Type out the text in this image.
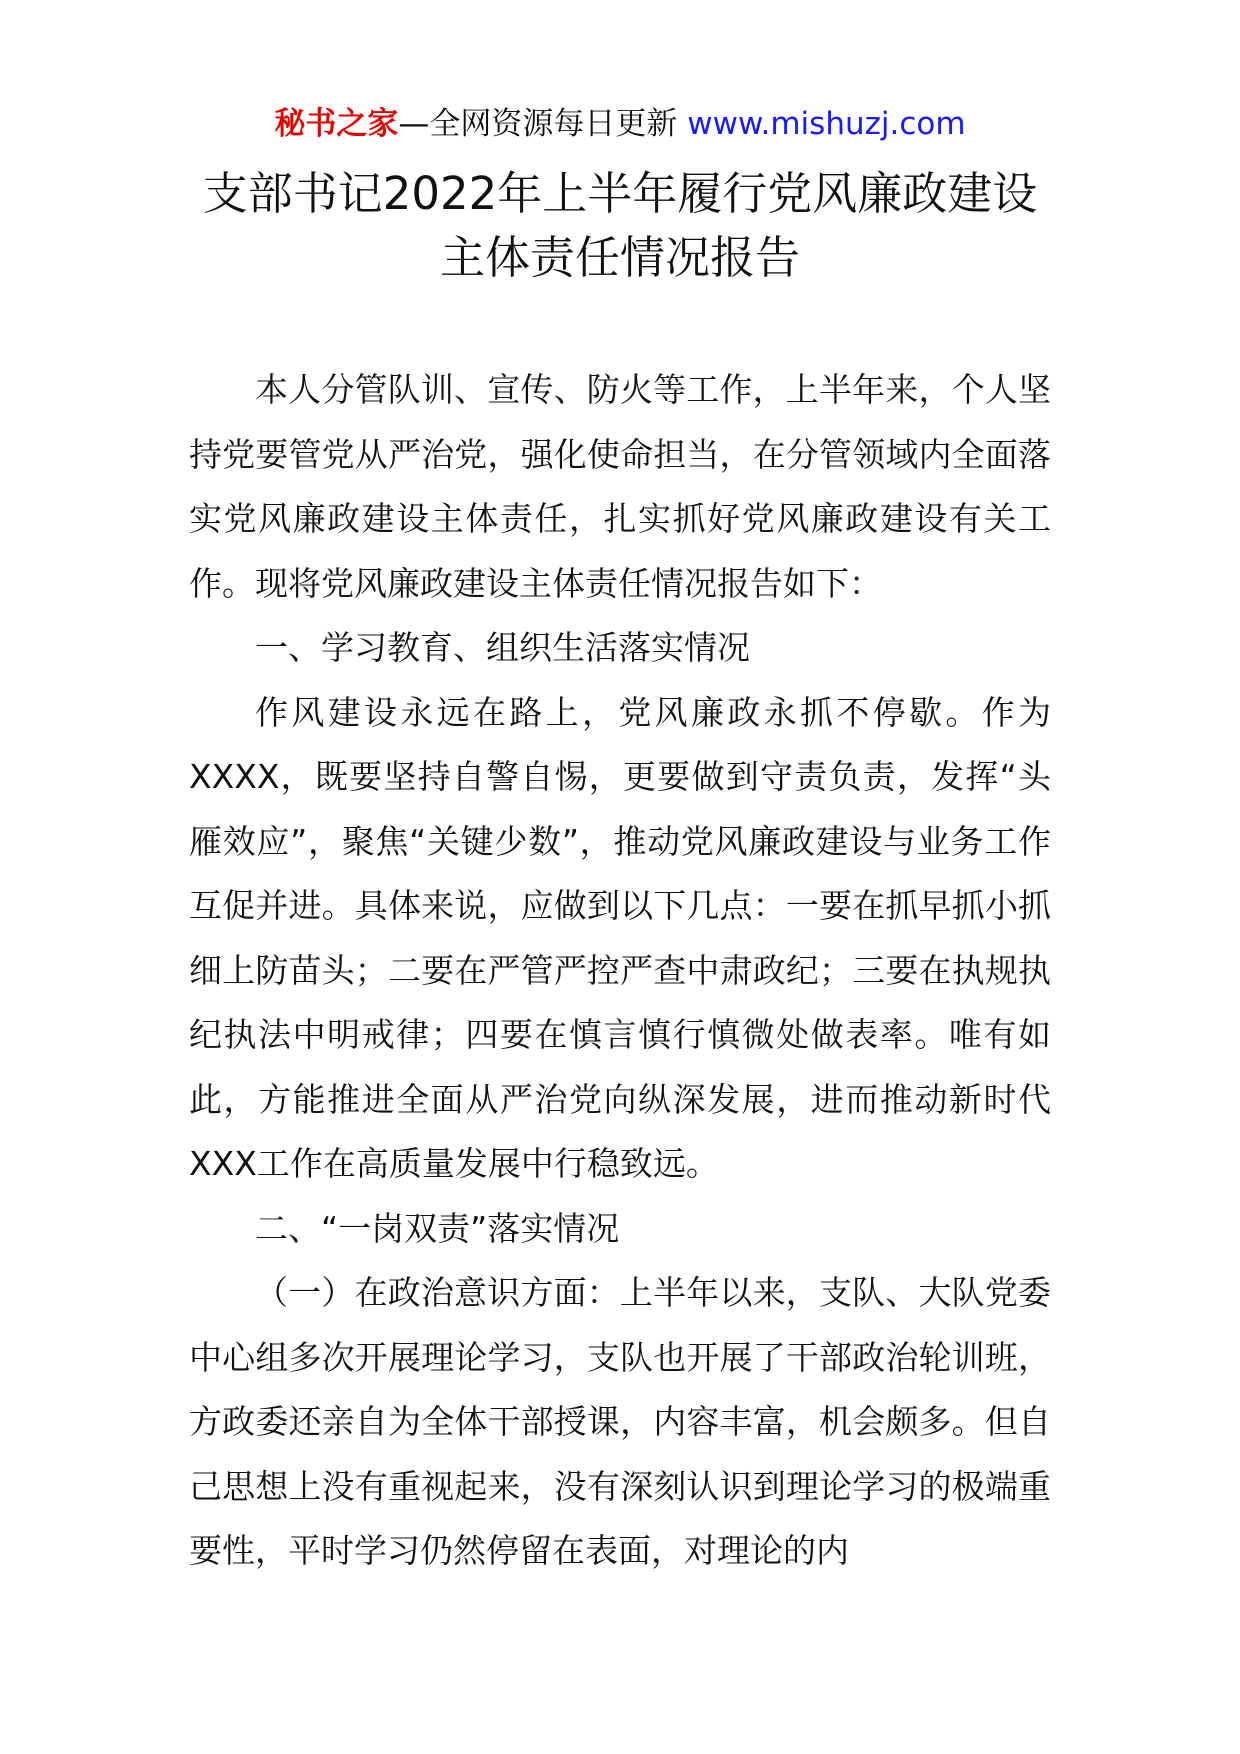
秘书之家—全网资源每日更新 www.mishuzj.com
支部书记2022年上半年履行党风廉政建设
主体责任情况报告

本人分管队训、宣传、防火等工作，上半年来，个人坚持党要管党从严治党，强化使命担当，在分管领域内全面落实党风廉政建设主体责任，扎实抓好党风廉政建设有关工作。现将党风廉政建设主体责任情况报告如下：

一、学习教育、组织生活落实情况

作风建设永远在路上，党风廉政永抓不停歇。作为XXXX，既要坚持自警自惕，更要做到守责负责，发挥“头雁效应”，聚焦“关键少数”，推动党风廉政建设与业务工作互促并进。具体来说，应做到以下几点：一要在抓早抓小抓细上防苗头；二要在严管严控严查中肃政纪；三要在执规执纪执法中明戒律；四要在慎言慎行慎微处做表率。唯有如此，方能推进全面从严治党向纵深发展，进而推动新时代XXX工作在高质量发展中行稳致远。

二、“一岗双责”落实情况

（一）在政治意识方面：上半年以来，支队、大队党委中心组多次开展理论学习，支队也开展了干部政治轮训班，方政委还亲自为全体干部授课，内容丰富，机会颇多。但自己思想上没有重视起来，没有深刻认识到理论学习的极端重要性，平时学习仍然停留在表面，对理论的内
